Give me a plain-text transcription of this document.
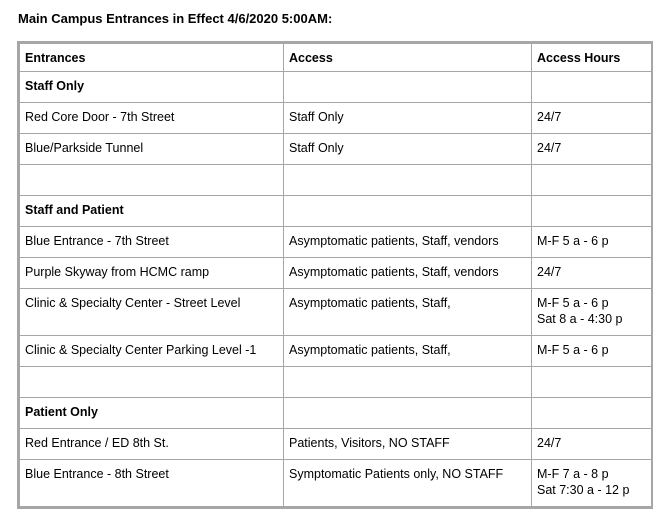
Main Campus Entrances in Effect 4/6/2020 5:00AM:
Entrances	Access	Access Hours
Staff Only		
Red Core Door - 7th Street	Staff Only	24/7

Blue/Parkside Tunnel	Staff Only	24/7

Staff and Patient		
Blue Entrance - 7th Street	Asymptomatic patients, Staff, vendors	M-F 5 a - 6 p

Purple Skyway from HCMC ramp	Asymptomatic patients, Staff, vendors	24/7

Clinic & Specialty Center - Street Level	Asymptomatic patients, Staff,	M-F 5 a - 6 p
Sat 8 a - 4:30 p

Clinic & Specialty Center Parking Level -1	Asymptomatic patients, Staff,	M-F 5 a - 6 p

Patient Only		
Red Entrance / ED 8th St.	Patients, Visitors, NO STAFF	24/7

Blue Entrance - 8th Street	Symptomatic Patients only, NO STAFF	M-F 7 a - 8 p
Sat 7:30 a - 12 p
